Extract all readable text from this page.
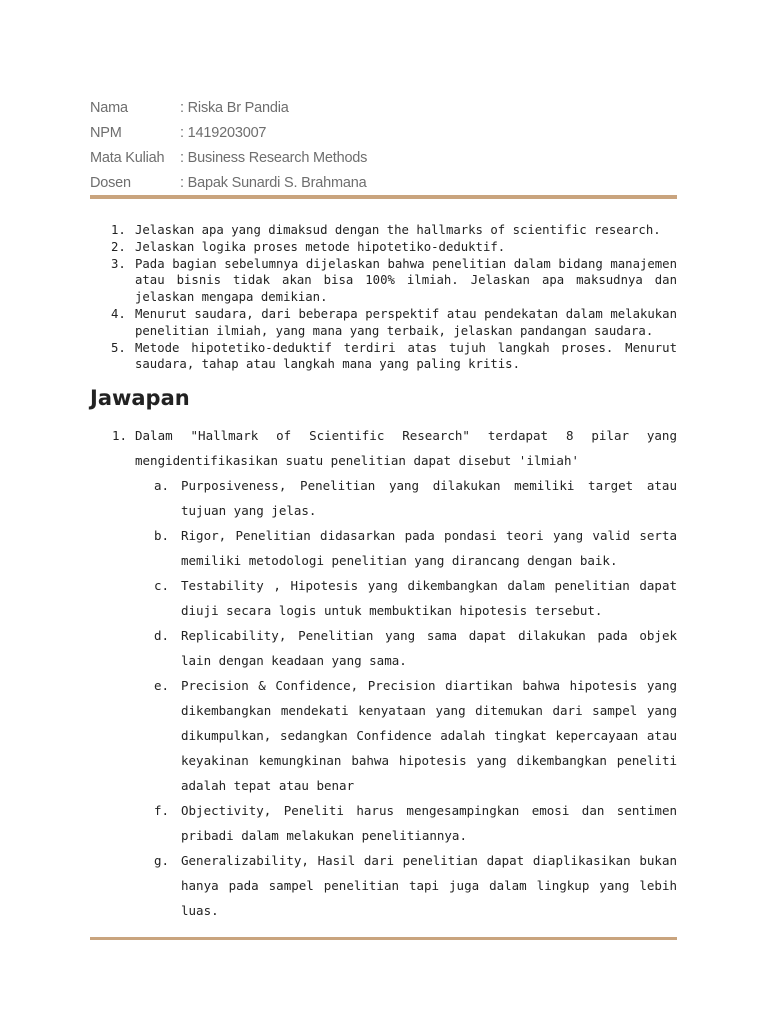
Nama	: Riska Br Pandia
NPM	: 1419203007
Mata Kuliah	: Business Research Methods
Dosen	: Bapak Sunardi S. Brahmana
1. Jelaskan apa yang dimaksud dengan the hallmarks of scientific research.
2. Jelaskan logika proses metode hipotetiko-deduktif.
3. Pada bagian sebelumnya dijelaskan bahwa penelitian dalam bidang manajemen atau bisnis tidak akan bisa 100% ilmiah. Jelaskan apa maksudnya dan jelaskan mengapa demikian.
4. Menurut saudara, dari beberapa perspektif atau pendekatan dalam melakukan penelitian ilmiah, yang mana yang terbaik, jelaskan pandangan saudara.
5. Metode hipotetiko-deduktif terdiri atas tujuh langkah proses. Menurut saudara, tahap atau langkah mana yang paling kritis.
Jawapan
1. Dalam "Hallmark of Scientific Research" terdapat 8 pilar yang mengidentifikasikan suatu penelitian dapat disebut 'ilmiah'
a. Purposiveness, Penelitian yang dilakukan memiliki target atau tujuan yang jelas.
b. Rigor, Penelitian didasarkan pada pondasi teori yang valid serta memiliki metodologi penelitian yang dirancang dengan baik.
c. Testability , Hipotesis yang dikembangkan dalam penelitian dapat diuji secara logis untuk membuktikan hipotesis tersebut.
d. Replicability, Penelitian yang sama dapat dilakukan pada objek lain dengan keadaan yang sama.
e. Precision & Confidence, Precision diartikan bahwa hipotesis yang dikembangkan mendekati kenyataan yang ditemukan dari sampel yang dikumpulkan, sedangkan Confidence adalah tingkat kepercayaan atau keyakinan kemungkinan bahwa hipotesis yang dikembangkan peneliti adalah tepat atau benar
f. Objectivity, Peneliti harus mengesampingkan emosi dan sentimen pribadi dalam melakukan penelitiannya.
g. Generalizability, Hasil dari penelitian dapat diaplikasikan bukan hanya pada sampel penelitian tapi juga dalam lingkup yang lebih luas.
